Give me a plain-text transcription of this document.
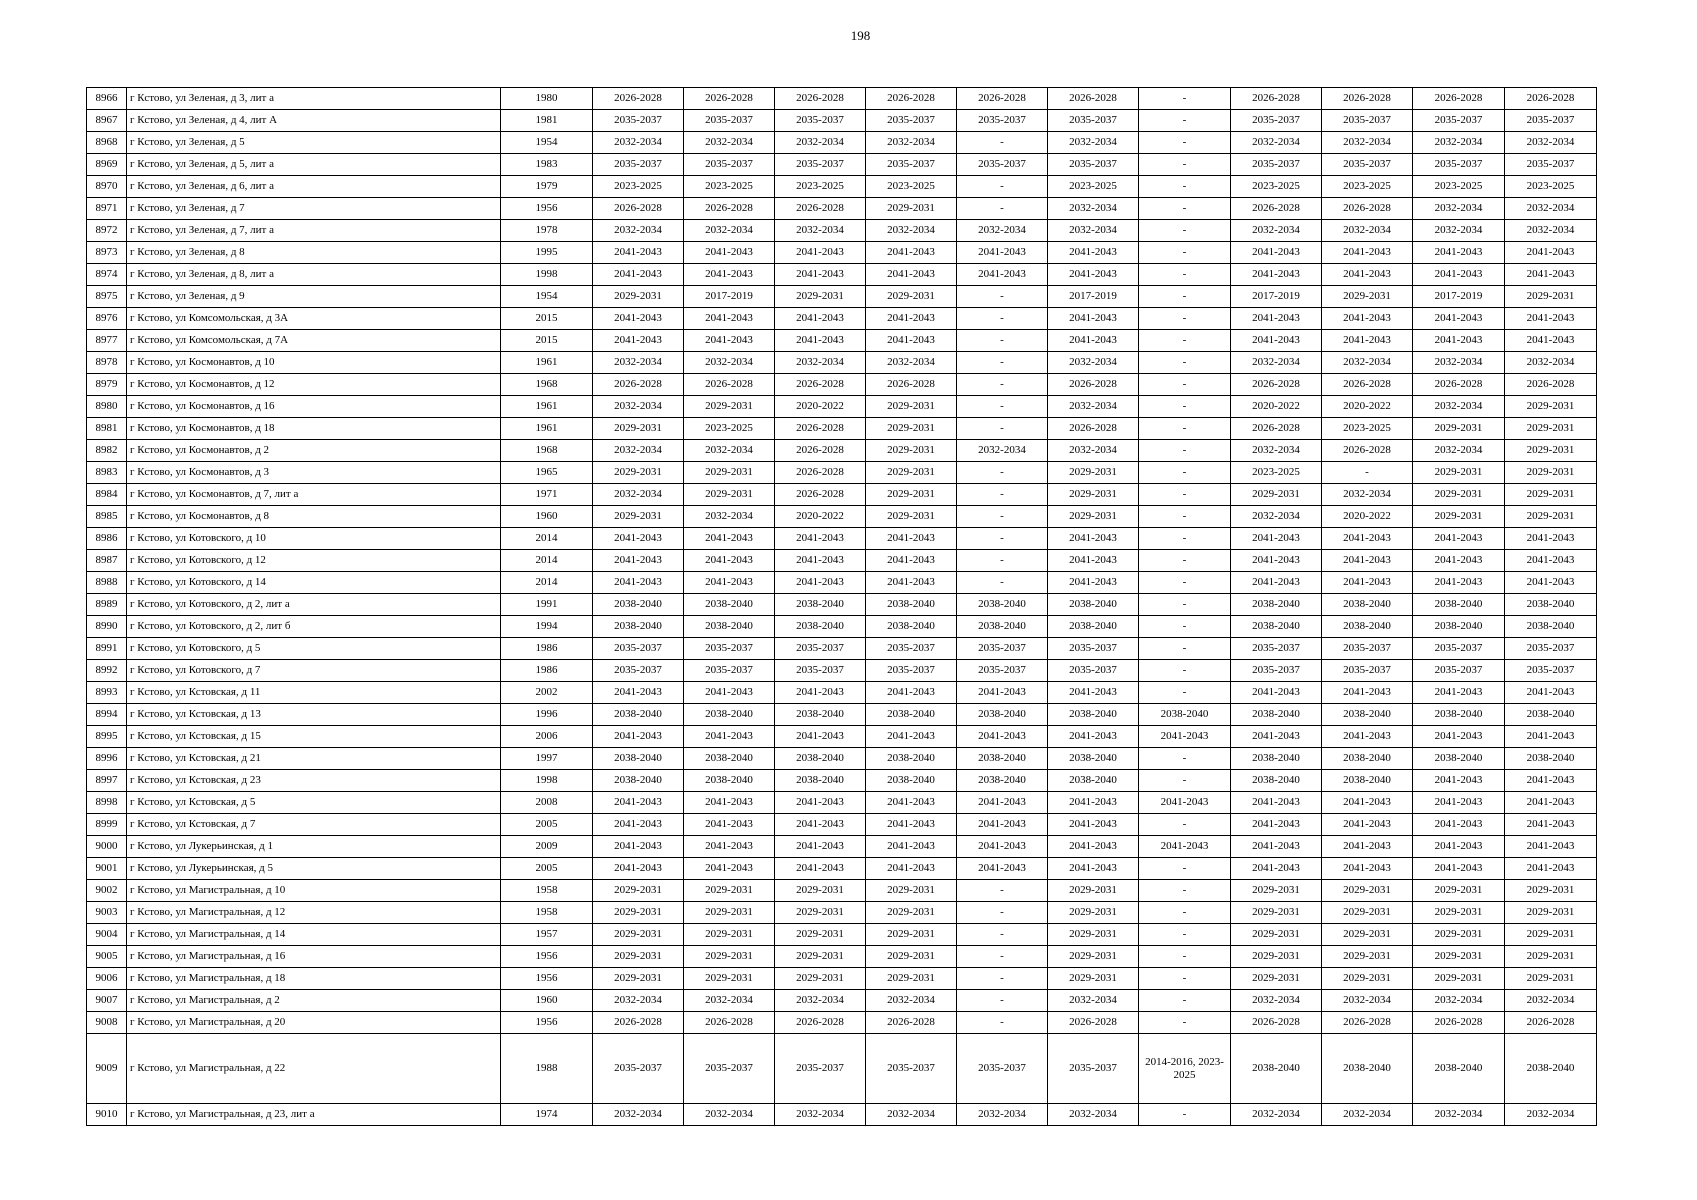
198
8966	г Кстово, ул Зеленая, д 3, лит а	1980	2026-2028	2026-2028	2026-2028	2026-2028	2026-2028	2026-2028	-	2026-2028	2026-2028	2026-2028	2026-2028
8967	г Кстово, ул Зеленая, д 4, лит А	1981	2035-2037	2035-2037	2035-2037	2035-2037	2035-2037	2035-2037	-	2035-2037	2035-2037	2035-2037	2035-2037
8968	г Кстово, ул Зеленая, д 5	1954	2032-2034	2032-2034	2032-2034	2032-2034	-	2032-2034	-	2032-2034	2032-2034	2032-2034	2032-2034
8969	г Кстово, ул Зеленая, д 5, лит а	1983	2035-2037	2035-2037	2035-2037	2035-2037	2035-2037	2035-2037	-	2035-2037	2035-2037	2035-2037	2035-2037
8970	г Кстово, ул Зеленая, д 6, лит а	1979	2023-2025	2023-2025	2023-2025	2023-2025	-	2023-2025	-	2023-2025	2023-2025	2023-2025	2023-2025
8971	г Кстово, ул Зеленая, д 7	1956	2026-2028	2026-2028	2026-2028	2029-2031	-	2032-2034	-	2026-2028	2026-2028	2032-2034	2032-2034
8972	г Кстово, ул Зеленая, д 7, лит а	1978	2032-2034	2032-2034	2032-2034	2032-2034	2032-2034	2032-2034	-	2032-2034	2032-2034	2032-2034	2032-2034
8973	г Кстово, ул Зеленая, д 8	1995	2041-2043	2041-2043	2041-2043	2041-2043	2041-2043	2041-2043	-	2041-2043	2041-2043	2041-2043	2041-2043
8974	г Кстово, ул Зеленая, д 8, лит а	1998	2041-2043	2041-2043	2041-2043	2041-2043	2041-2043	2041-2043	-	2041-2043	2041-2043	2041-2043	2041-2043
8975	г Кстово, ул Зеленая, д 9	1954	2029-2031	2017-2019	2029-2031	2029-2031	-	2017-2019	-	2017-2019	2029-2031	2017-2019	2029-2031
8976	г Кстово, ул Комсомольская, д 3А	2015	2041-2043	2041-2043	2041-2043	2041-2043	-	2041-2043	-	2041-2043	2041-2043	2041-2043	2041-2043
8977	г Кстово, ул Комсомольская, д 7А	2015	2041-2043	2041-2043	2041-2043	2041-2043	-	2041-2043	-	2041-2043	2041-2043	2041-2043	2041-2043
8978	г Кстово, ул Космонавтов, д 10	1961	2032-2034	2032-2034	2032-2034	2032-2034	-	2032-2034	-	2032-2034	2032-2034	2032-2034	2032-2034
8979	г Кстово, ул Космонавтов, д 12	1968	2026-2028	2026-2028	2026-2028	2026-2028	-	2026-2028	-	2026-2028	2026-2028	2026-2028	2026-2028
8980	г Кстово, ул Космонавтов, д 16	1961	2032-2034	2029-2031	2020-2022	2029-2031	-	2032-2034	-	2020-2022	2020-2022	2032-2034	2029-2031
8981	г Кстово, ул Космонавтов, д 18	1961	2029-2031	2023-2025	2026-2028	2029-2031	-	2026-2028	-	2026-2028	2023-2025	2029-2031	2029-2031
8982	г Кстово, ул Космонавтов, д 2	1968	2032-2034	2032-2034	2026-2028	2029-2031	2032-2034	2032-2034	-	2032-2034	2026-2028	2032-2034	2029-2031
8983	г Кстово, ул Космонавтов, д 3	1965	2029-2031	2029-2031	2026-2028	2029-2031	-	2029-2031	-	2023-2025	-	2029-2031	2029-2031
8984	г Кстово, ул Космонавтов, д 7, лит а	1971	2032-2034	2029-2031	2026-2028	2029-2031	-	2029-2031	-	2029-2031	2032-2034	2029-2031	2029-2031
8985	г Кстово, ул Космонавтов, д 8	1960	2029-2031	2032-2034	2020-2022	2029-2031	-	2029-2031	-	2032-2034	2020-2022	2029-2031	2029-2031
8986	г Кстово, ул Котовского, д 10	2014	2041-2043	2041-2043	2041-2043	2041-2043	-	2041-2043	-	2041-2043	2041-2043	2041-2043	2041-2043
8987	г Кстово, ул Котовского, д 12	2014	2041-2043	2041-2043	2041-2043	2041-2043	-	2041-2043	-	2041-2043	2041-2043	2041-2043	2041-2043
8988	г Кстово, ул Котовского, д 14	2014	2041-2043	2041-2043	2041-2043	2041-2043	-	2041-2043	-	2041-2043	2041-2043	2041-2043	2041-2043
8989	г Кстово, ул Котовского, д 2, лит а	1991	2038-2040	2038-2040	2038-2040	2038-2040	2038-2040	2038-2040	-	2038-2040	2038-2040	2038-2040	2038-2040
8990	г Кстово, ул Котовского, д 2, лит б	1994	2038-2040	2038-2040	2038-2040	2038-2040	2038-2040	2038-2040	-	2038-2040	2038-2040	2038-2040	2038-2040
8991	г Кстово, ул Котовского, д 5	1986	2035-2037	2035-2037	2035-2037	2035-2037	2035-2037	2035-2037	-	2035-2037	2035-2037	2035-2037	2035-2037
8992	г Кстово, ул Котовского, д 7	1986	2035-2037	2035-2037	2035-2037	2035-2037	2035-2037	2035-2037	-	2035-2037	2035-2037	2035-2037	2035-2037
8993	г Кстово, ул Кстовская, д 11	2002	2041-2043	2041-2043	2041-2043	2041-2043	2041-2043	2041-2043	-	2041-2043	2041-2043	2041-2043	2041-2043
8994	г Кстово, ул Кстовская, д 13	1996	2038-2040	2038-2040	2038-2040	2038-2040	2038-2040	2038-2040	2038-2040	2038-2040	2038-2040	2038-2040	2038-2040
8995	г Кстово, ул Кстовская, д 15	2006	2041-2043	2041-2043	2041-2043	2041-2043	2041-2043	2041-2043	2041-2043	2041-2043	2041-2043	2041-2043	2041-2043
8996	г Кстово, ул Кстовская, д 21	1997	2038-2040	2038-2040	2038-2040	2038-2040	2038-2040	2038-2040	-	2038-2040	2038-2040	2038-2040	2038-2040
8997	г Кстово, ул Кстовская, д 23	1998	2038-2040	2038-2040	2038-2040	2038-2040	2038-2040	2038-2040	-	2038-2040	2038-2040	2041-2043	2041-2043
8998	г Кстово, ул Кстовская, д 5	2008	2041-2043	2041-2043	2041-2043	2041-2043	2041-2043	2041-2043	2041-2043	2041-2043	2041-2043	2041-2043	2041-2043
8999	г Кстово, ул Кстовская, д 7	2005	2041-2043	2041-2043	2041-2043	2041-2043	2041-2043	2041-2043	-	2041-2043	2041-2043	2041-2043	2041-2043
9000	г Кстово, ул Лукерьинская, д 1	2009	2041-2043	2041-2043	2041-2043	2041-2043	2041-2043	2041-2043	2041-2043	2041-2043	2041-2043	2041-2043	2041-2043
9001	г Кстово, ул Лукерьинская, д 5	2005	2041-2043	2041-2043	2041-2043	2041-2043	2041-2043	2041-2043	-	2041-2043	2041-2043	2041-2043	2041-2043
9002	г Кстово, ул Магистральная, д 10	1958	2029-2031	2029-2031	2029-2031	2029-2031	-	2029-2031	-	2029-2031	2029-2031	2029-2031	2029-2031
9003	г Кстово, ул Магистральная, д 12	1958	2029-2031	2029-2031	2029-2031	2029-2031	-	2029-2031	-	2029-2031	2029-2031	2029-2031	2029-2031
9004	г Кстово, ул Магистральная, д 14	1957	2029-2031	2029-2031	2029-2031	2029-2031	-	2029-2031	-	2029-2031	2029-2031	2029-2031	2029-2031
9005	г Кстово, ул Магистральная, д 16	1956	2029-2031	2029-2031	2029-2031	2029-2031	-	2029-2031	-	2029-2031	2029-2031	2029-2031	2029-2031
9006	г Кстово, ул Магистральная, д 18	1956	2029-2031	2029-2031	2029-2031	2029-2031	-	2029-2031	-	2029-2031	2029-2031	2029-2031	2029-2031
9007	г Кстово, ул Магистральная, д 2	1960	2032-2034	2032-2034	2032-2034	2032-2034	-	2032-2034	-	2032-2034	2032-2034	2032-2034	2032-2034
9008	г Кстово, ул Магистральная, д 20	1956	2026-2028	2026-2028	2026-2028	2026-2028	-	2026-2028	-	2026-2028	2026-2028	2026-2028	2026-2028
9009	г Кстово, ул Магистральная, д 22	1988	2035-2037	2035-2037	2035-2037	2035-2037	2035-2037	2035-2037	2014-2016, 2023-2025	2038-2040	2038-2040	2038-2040	2038-2040
9010	г Кстово, ул Магистральная, д 23, лит а	1974	2032-2034	2032-2034	2032-2034	2032-2034	2032-2034	2032-2034	-	2032-2034	2032-2034	2032-2034	2032-2034
